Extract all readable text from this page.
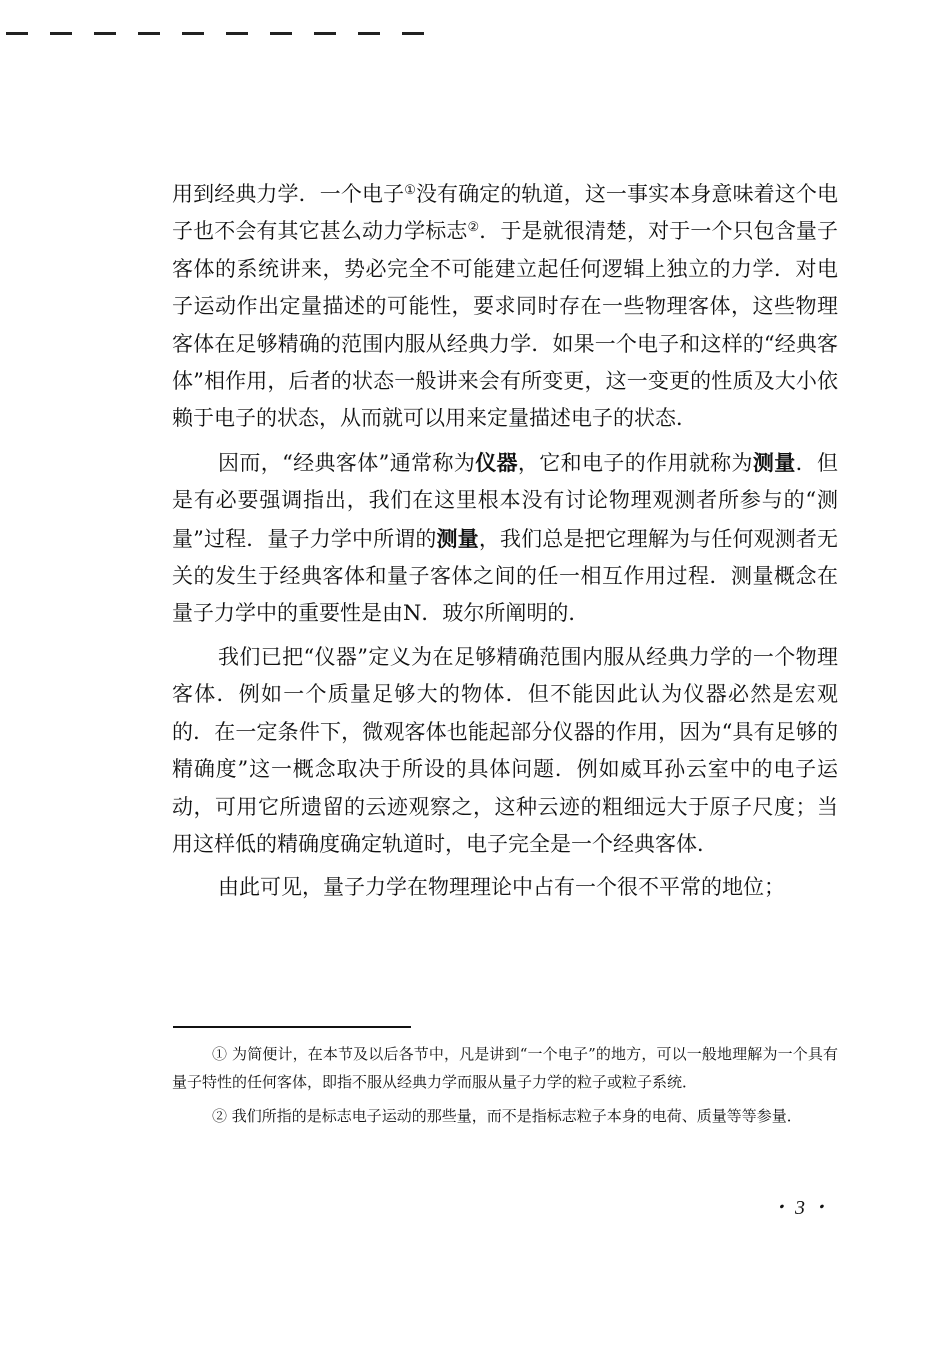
用到经典力学．一个电子①没有确定的轨道，这一事实本身意味着这个电子也不会有其它甚么动力学标志②．于是就很清楚，对于一个只包含量子客体的系统讲来，势必完全不可能建立起任何逻辑上独立的力学．对电子运动作出定量描述的可能性，要求同时存在一些物理客体，这些物理客体在足够精确的范围内服从经典力学．如果一个电子和这样的“经典客体”相作用，后者的状态一般讲来会有所变更，这一变更的性质及大小依赖于电子的状态，从而就可以用来定量描述电子的状态．

因而，“经典客体”通常称为仪器，它和电子的作用就称为测量．但是有必要强调指出，我们在这里根本没有讨论物理观测者所参与的“测量”过程．量子力学中所谓的测量，我们总是把它理解为与任何观测者无关的发生于经典客体和量子客体之间的任一相互作用过程．测量概念在量子力学中的重要性是由N．玻尔所阐明的．

我们已把“仪器”定义为在足够精确范围内服从经典力学的一个物理客体．例如一个质量足够大的物体．但不能因此认为仪器必然是宏观的．在一定条件下，微观客体也能起部分仪器的作用，因为“具有足够的精确度”这一概念取决于所设的具体问题．例如威耳孙云室中的电子运动，可用它所遗留的云迹观察之，这种云迹的粗细远大于原子尺度；当用这样低的精确度确定轨道时，电子完全是一个经典客体．

由此可见，量子力学在物理理论中占有一个很不平常的地位；

① 为简便计，在本节及以后各节中，凡是讲到“一个电子”的地方，可以一般地理解为一个具有量子特性的任何客体，即指不服从经典力学而服从量子力学的粒子或粒子系统．

② 我们所指的是标志电子运动的那些量，而不是指标志粒子本身的电荷、质量等等参量．

・ 3 ・
